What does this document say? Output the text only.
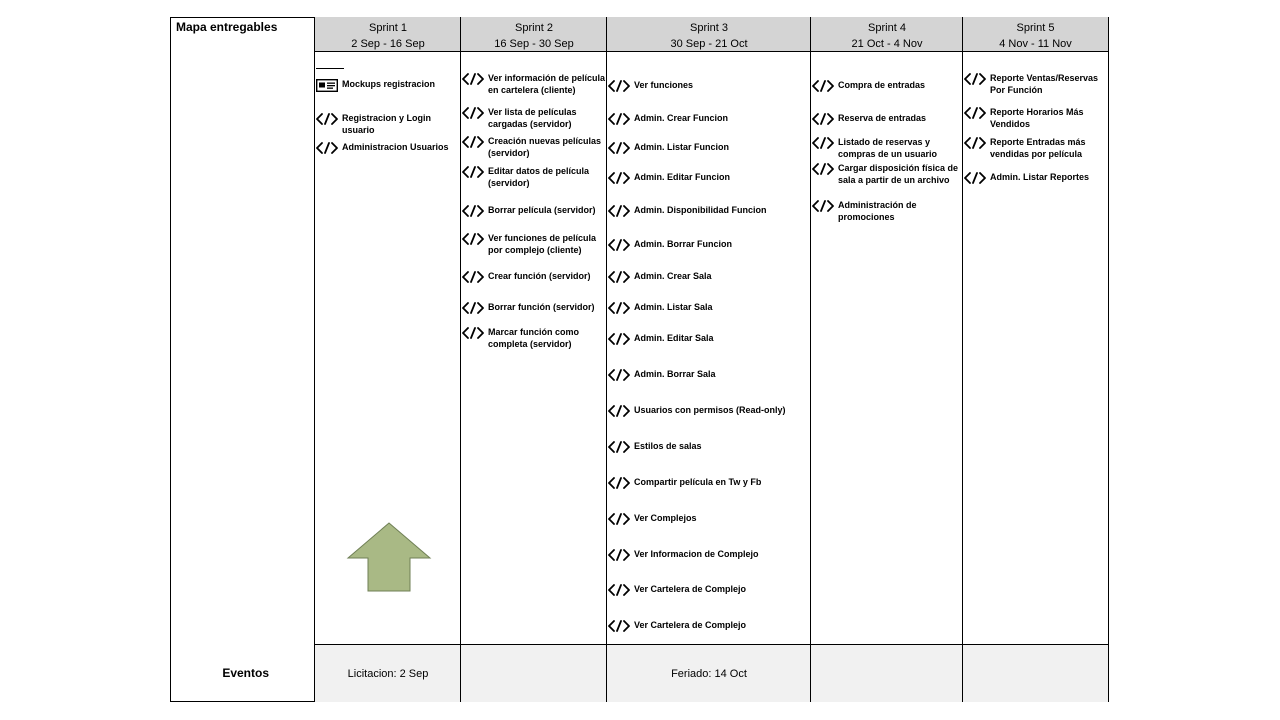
Mapa entregables
Eventos
Sprint 1
2 Sep - 16 Sep
Licitacion: 2 Sep
Sprint 2
16 Sep - 30 Sep
Sprint 3
30 Sep - 21 Oct
Feriado: 14 Oct
Sprint 4
21 Oct - 4 Nov
Sprint 5
4 Nov - 11 Nov
Mockups registracion
Registracion y Login usuario
Administracion Usuarios
Ver información de película en cartelera (cliente)
Ver lista de películas cargadas (servidor)
Creación nuevas películas (servidor)
Editar datos de película (servidor)
Borrar película (servidor)
Ver funciones de película por complejo (cliente)
Crear función (servidor)
Borrar función (servidor)
Marcar función como completa (servidor)
Ver funciones
Admin. Crear Funcion
Admin. Listar Funcion
Admin. Editar Funcion
Admin. Disponibilidad Funcion
Admin. Borrar Funcion
Admin. Crear Sala
Admin. Listar Sala
Admin. Editar Sala
Admin. Borrar Sala
Usuarios con permisos (Read-only)
Estilos de salas
Compartir película en Tw y Fb
Ver Complejos
Ver Informacion de Complejo
Ver Cartelera de Complejo
Ver Cartelera de Complejo
Compra de entradas
Reserva de entradas
Listado de reservas y compras de un usuario
Cargar disposición física de sala a partir de un archivo
Administración de promociones
Reporte Ventas/Reservas Por Función
Reporte Horarios Más Vendidos
Reporte Entradas más vendidas por película
Admin. Listar Reportes
